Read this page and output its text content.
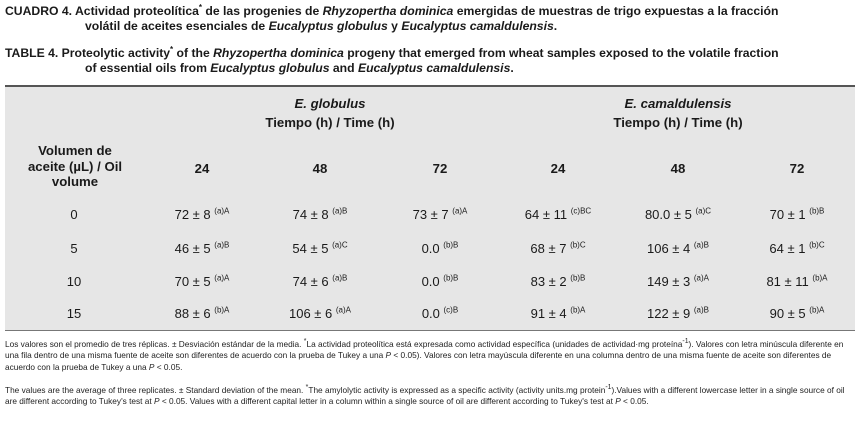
CUADRO 4. Actividad proteolítica* de las progenies de Rhyzopertha dominica emergidas de muestras de trigo expuestas a la fracción
volátil de aceites esenciales de Eucalyptus globulus y Eucalyptus camaldulensis.
TABLE 4. Proteolytic activity* of the Rhyzopertha dominica progeny that emerged from wheat samples exposed to the volatile fraction
of essential oils from Eucalyptus globulus and Eucalyptus camaldulensis.
E. globulus
Tiempo (h) / Time (h)
E. camaldulensis
Tiempo (h) / Time (h)
Volumen de
aceite (µL) / Oil
volume
24	48	72	24	48	72
0	72 ± 8 $^{(a)A}$	74 ± 8 $^{(a)B}$	73 ± 7 $^{(a)A}$	64 ± 11 $^{(c)BC}$	80.0 ± 5 $^{(a)C}$	70 ± 1 $^{(b)B}$
5	46 ± 5 $^{(a)B}$	54 ± 5 $^{(a)C}$	0.0 $^{(b)B}$	68 ± 7 $^{(b)C}$	106 ± 4 $^{(a)B}$	64 ± 1 $^{(b)C}$
10	70 ± 5 $^{(a)A}$	74 ± 6 $^{(a)B}$	0.0 $^{(b)B}$	83 ± 2 $^{(b)B}$	149 ± 3 $^{(a)A}$	81 ± 11 $^{(b)A}$
15	88 ± 6 $^{(b)A}$	106 ± 6 $^{(a)A}$	0.0 $^{(c)B}$	91 ± 4 $^{(b)A}$	122 ± 9 $^{(a)B}$	90 ± 5 $^{(b)A}$
Los valores son el promedio de tres réplicas. ± Desviación estándar de la media. *La actividad proteolítica está expresada como actividad específica (unidades de actividad·mg proteína$^{-1}$). Valores con letra minúscula diferente en una fila dentro de una misma fuente de aceite son diferentes de acuerdo con la prueba de Tukey a una P < 0.05). Valores con letra mayúscula diferente en una columna dentro de una misma fuente de aceite son diferentes de acuerdo con la prueba de Tukey a una P < 0.05.
The values are the average of three replicates. ± Standard deviation of the mean. *The amylolytic activity is expressed as a specific activity (activity units.mg protein$^{-1}$).Values with a different lowercase letter in a single source of oil are different according to Tukey's test at P < 0.05. Values with a different capital letter in a column within a single source of oil are different according to Tukey's test at P < 0.05.
